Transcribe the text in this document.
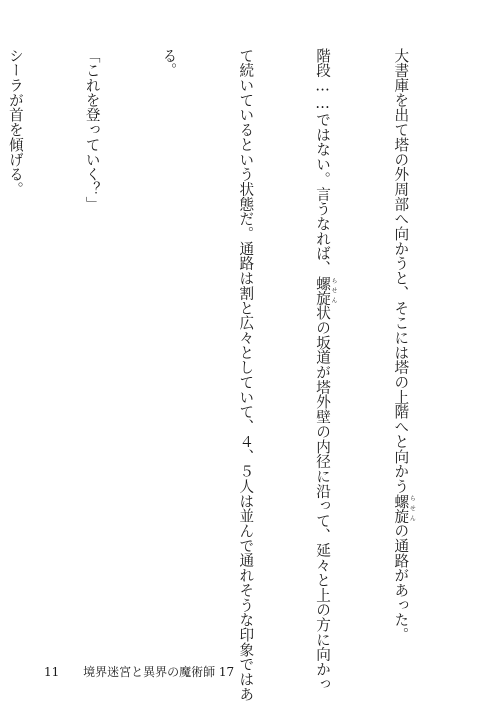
大書庫を出て塔の外周部へ向かうと、そこには塔の上階へと向かう螺旋 らせんの通路があった。

階段……ではない。言うなれば、螺旋 らせん状の坂道が塔外壁の内径に沿って、延々と上の方に向かっ

て続いているという状態だ。通路は割と広々としていて、４、５人は並んで通れそうな印象ではあ

る。

「これを登っていく？」

シーラが首を傾げる。

11 境界迷宮と異界の魔術師 17
